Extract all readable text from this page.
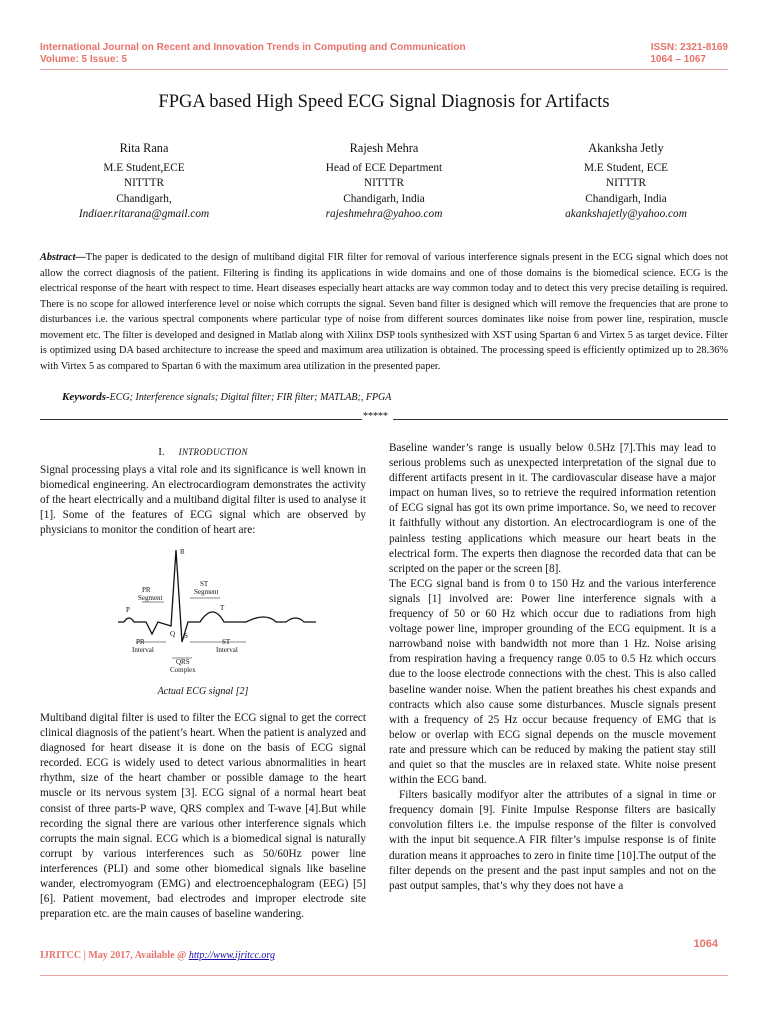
International Journal on Recent and Innovation Trends in Computing and Communication
Volume: 5 Issue: 5
ISSN: 2321-8169
1064 – 1067
FPGA based High Speed ECG Signal Diagnosis for Artifacts
Rita Rana
M.E Student,ECE
NITTTR
Chandigarh,
Indiaer.ritarana@gmail.com
Rajesh Mehra
Head of ECE Department
NITTTR
Chandigarh, India
rajeshmehra@yahoo.com
Akanksha Jetly
M.E Student, ECE
NITTTR
Chandigarh, India
akankshajetly@yahoo.com
Abstract—The paper is dedicated to the design of multiband digital FIR filter for removal of various interference signals present in the ECG signal which does not allow the correct diagnosis of the patient. Filtering is finding its applications in wide domains and one of those domains is the biomedical science. ECG is the electrical response of the heart with respect to time. Heart diseases especially heart attacks are way common today and to detect this very precise detailing is required. There is no scope for allowed interference level or noise which corrupts the signal. Seven band filter is designed which will remove the frequencies that are prone to disturbances i.e. the various spectral components where particular type of noise from different sources dominates like noise from power line, respiration, muscle movement etc. The filter is developed and designed in Matlab along with Xilinx DSP tools synthesized with XST using Spartan 6 and Virtex 5 as target device. Filter is optimized using DA based architecture to increase the speed and maximum area utilization is obtained. The processing speed is efficiently optimized up to 28.36% with Virtex 5 as compared to Spartan 6 with the maximum area utilization in the presented paper.
Keywords-ECG; Interference signals; Digital filter; FIR filter; MATLAB;, FPGA
*****
I. INTRODUCTION

Signal processing plays a vital role and its significance is well known in biomedical engineering. An electrocardiogram demonstrates the activity of the heart electrically and a multiband digital filter is used to analyse it [1]. Some of the features of ECG signal which are observed by physicians to monitor the condition of heart are:

R
P
Q S
T
PR Segment
ST Segment
PR Interval
ST Interval
QRS Complex
Actual ECG signal [2]

Multiband digital filter is used to filter the ECG signal to get the correct clinical diagnosis of the patient’s heart. When the patient is analyzed and diagnosed for heart disease it is done on the basis of ECG signal recorded. ECG is widely used to detect various abnormalities in heart rhythm, size of the heart chamber or possible damage to the heart muscle or its nervous system [3]. ECG signal of a normal heart beat consist of three parts-P wave, QRS complex and T-wave [4].But while recording the signal there are various other interference signals which corrupts the main signal. ECG which is a biomedical signal is naturally corrupt by various interferences such as 50/60Hz power line interferences (PLI) and some other biomedical signals like baseline wander, electromyogram (EMG) and electroencephalogram (EEG) [5] [6]. Patient movement, bad electrodes and improper electrode site preparation etc. are the main causes of baseline wandering.

Baseline wander’s range is usually below 0.5Hz [7].This may lead to serious problems such as unexpected interpretation of the signal due to different artifacts present in it. The cardiovascular disease have a major impact on human lives, so to retrieve the required information retention of ECG signal has got its own prime importance. So, we need to recover it faithfully without any distortion. An electrocardiogram is one of the painless testing applications which measure our heart beats in the electrical form. The experts then diagnose the recorded data that can be scripted on the paper or the screen [8].

The ECG signal band is from 0 to 150 Hz and the various interference signals [1] involved are: Power line interference signals with a frequency of 50 or 60 Hz which occur due to radiations from high voltage power line, improper grounding of the ECG equipment. It is a narrowband noise with bandwidth not more than 1 Hz. Noise arising from respiration having a frequency range 0.05 to 0.5 Hz which occurs due to the loose electrode connections with the chest. This is also called baseline wander noise. When the patient breathes his chest expands and contracts which also cause some disturbances. Muscle signals present with a frequency of 25 Hz occur because frequency of EMG that is below or overlap with ECG signal depends on the muscle movement rate and pressure which can be reduced by making the patient stay still and quiet so that the muscles are in relaxed state. White noise present within the ECG band.

Filters basically modifyor alter the attributes of a signal in time or frequency domain [9]. Finite Impulse Response filters are basically convolution filters i.e. the impulse response of the filter is convolved with the input bit sequence.A FIR filter’s impulse response is of finite duration means it approaches to zero in finite time [10].The output of the filter depends on the present and the past input samples and not on the past output samples, that’s why they does not have a

1064
IJRITCC | May 2017, Available @ http://www.ijritcc.org
